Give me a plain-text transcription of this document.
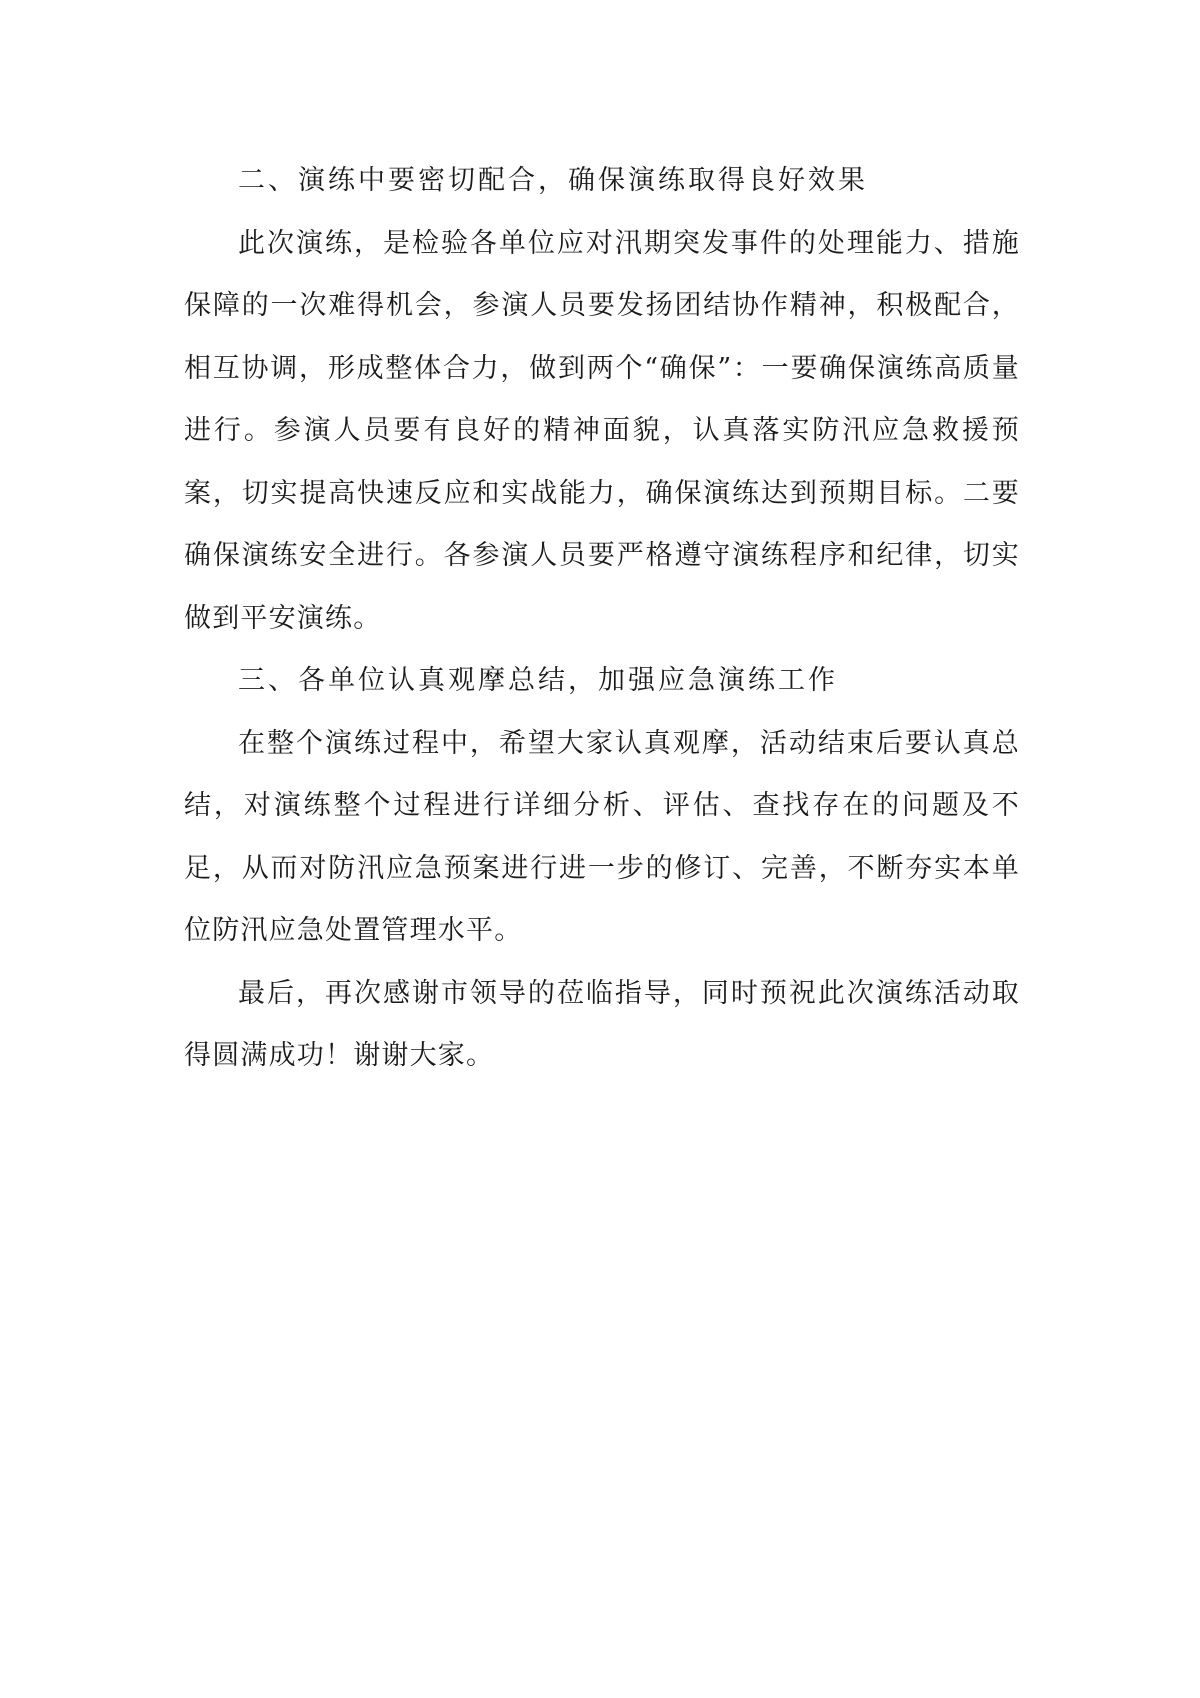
二、演练中要密切配合，确保演练取得良好效果

此次演练，是检验各单位应对汛期突发事件的处理能力、措施保障的一次难得机会，参演人员要发扬团结协作精神，积极配合，相互协调，形成整体合力，做到两个“确保”：一要确保演练高质量进行。参演人员要有良好的精神面貌，认真落实防汛应急救援预案，切实提高快速反应和实战能力，确保演练达到预期目标。二要确保演练安全进行。各参演人员要严格遵守演练程序和纪律，切实做到平安演练。

三、各单位认真观摩总结，加强应急演练工作

在整个演练过程中，希望大家认真观摩，活动结束后要认真总结，对演练整个过程进行详细分析、评估、查找存在的问题及不足，从而对防汛应急预案进行进一步的修订、完善，不断夯实本单位防汛应急处置管理水平。

最后，再次感谢市领导的莅临指导，同时预祝此次演练活动取得圆满成功！谢谢大家。
